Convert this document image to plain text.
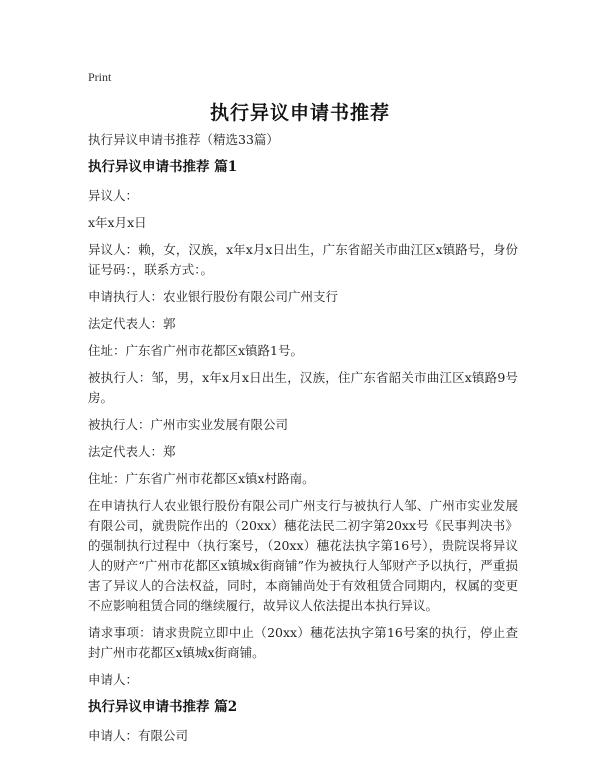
Print
执行异议申请书推荐

执行异议申请书推荐（精选33篇）

执行异议申请书推荐 篇1

异议人：

x年x月x日

异议人：赖，女，汉族，x年x月x日出生，广东省韶关市曲江区x镇路号，身份证号码：，联系方式：。

申请执行人：农业银行股份有限公司广州支行

法定代表人：郭

住址：广东省广州市花都区x镇路1号。

被执行人：邹，男，x年x月x日出生，汉族，住广东省韶关市曲江区x镇路9号房。

被执行人：广州市实业发展有限公司

法定代表人：郑

住址：广东省广州市花都区x镇x村路南。

在申请执行人农业银行股份有限公司广州支行与被执行人邹、广州市实业发展有限公司，就贵院作出的（20xx）穗花法民二初字第20xx号《民事判决书》的强制执行过程中（执行案号，（20xx）穗花法执字第16号），贵院误将异议人的财产“广州市花都区x镇城x街商铺”作为被执行人邹财产予以执行，严重损害了异议人的合法权益，同时，本商铺尚处于有效租赁合同期内，权属的变更不应影响租赁合同的继续履行，故异议人依法提出本执行异议。

请求事项：请求贵院立即中止（20xx）穗花法执字第16号案的执行，停止查封广州市花都区x镇城x街商铺。

申请人：

执行异议申请书推荐 篇2

申请人：有限公司
